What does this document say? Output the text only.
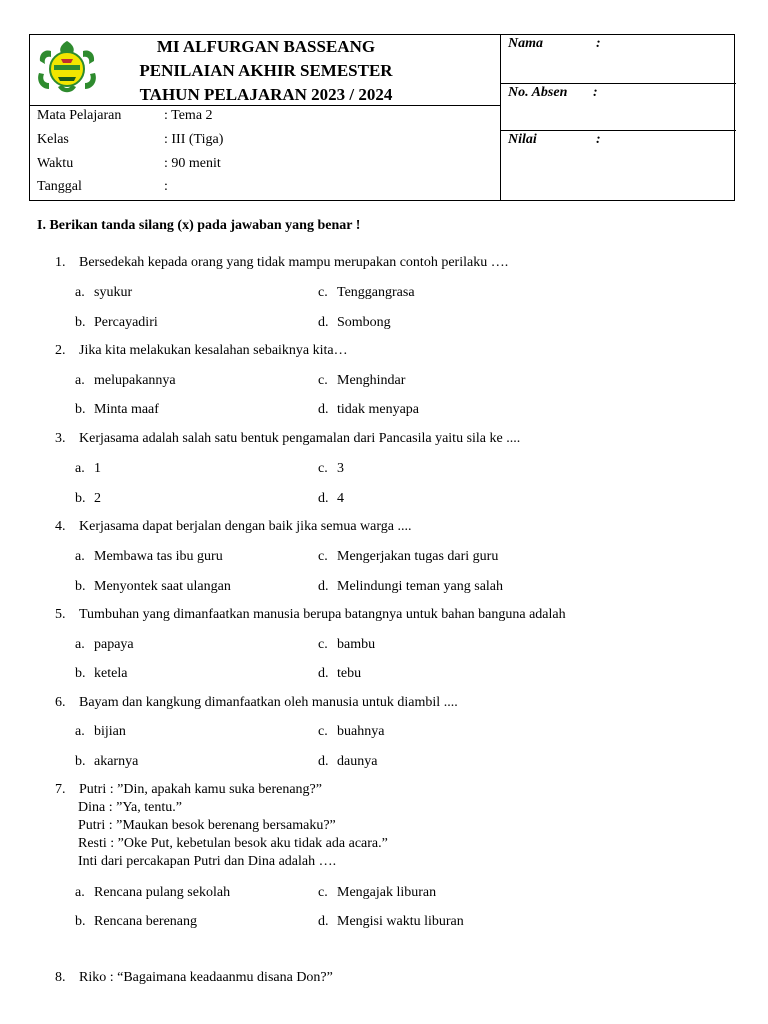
MI ALFURGAN BASSEANG
PENILAIAN AKHIR SEMESTER
TAHUN PELAJARAN 2023 / 2024
Mata Pelajaran	: Tema 2
Kelas	: III (Tiga)
Waktu	: 90 menit
Tanggal	:
Nama	:
No. Absen :
Nilai	:
I. Berikan tanda silang (x) pada jawaban yang benar !
1. Bersedekah kepada orang yang tidak mampu merupakan contoh perilaku ….
a. syukur	c. Tenggangrasa
b. Percayadiri	d. Sombong
2. Jika kita melakukan kesalahan sebaiknya kita…
a. melupakannya	c. Menghindar
b. Minta maaf	d. tidak menyapa
3. Kerjasama adalah salah satu bentuk pengamalan dari Pancasila yaitu sila ke ....
a. 1	c. 3
b. 2	d. 4
4. Kerjasama dapat berjalan dengan baik jika semua warga ....
a. Membawa tas ibu guru	c. Mengerjakan tugas dari guru
b. Menyontek saat ulangan	d. Melindungi teman yang salah
5. Tumbuhan yang dimanfaatkan manusia berupa batangnya untuk bahan banguna adalah
a. papaya	c. bambu
b. ketela	d. tebu
6. Bayam dan kangkung dimanfaatkan oleh manusia untuk diambil ....
a. bijian	c. buahnya
b. akarnya	d. daunya
7. Putri : ”Din, apakah kamu suka berenang?”
Dina : ”Ya, tentu.”
Putri : ”Maukan besok berenang bersamaku?”
Resti : ”Oke Put, kebetulan besok aku tidak ada acara.”
Inti dari percakapan Putri dan Dina adalah ….
a. Rencana pulang sekolah	c. Mengajak liburan
b. Rencana berenang	d. Mengisi waktu liburan
8. Riko : “Bagaimana keadaanmu disana Don?”
